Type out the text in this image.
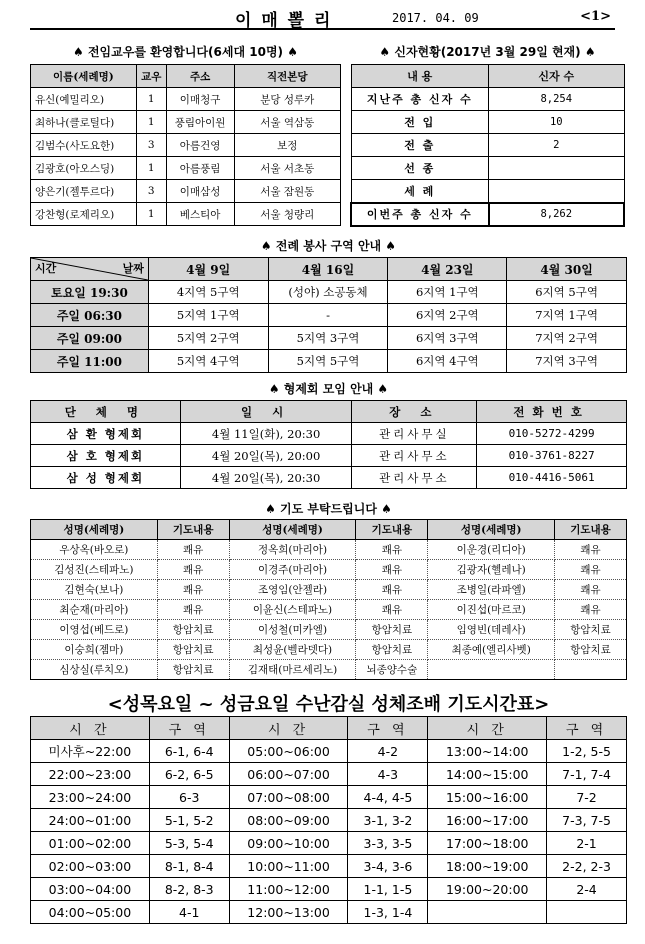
이 매 뽈 리	2017. 04. 09	<1>
♠ 전임교우를 환영합니다(6세대 10명) ♠
이름(세례명)	교우	주소	직전본당
유신(예밀리오)	1	이매청구	분당 성루카
최하나(클로틸다)	1	풍림아이원	서울 역삼동
김범수(사도요한)	3	아름건영	보정
김광호(아오스딩)	1	아름풍림	서울 서초동
양은기(젤투르다)	3	이매삼성	서울 잠원동
강찬형(로제리오)	1	베스티아	서울 청량리
♠ 신자현황(2017년 3월 29일 현재) ♠
내 용	신자 수
지난주 총 신자 수	8,254
전 입	10
전 출	2
선 종	
세 례	
이번주 총 신자 수	8,262
♠ 전례 봉사 구역 안내 ♠
시간 날짜	4월 9일	4월 16일	4월 23일	4월 30일
토요일 19:30	4지역 5구역	(성야) 소공동체	6지역 1구역	6지역 5구역
주일 06:30	5지역 1구역	-	6지역 2구역	7지역 1구역
주일 09:00	5지역 2구역	5지역 3구역	6지역 3구역	7지역 2구역
주일 11:00	5지역 4구역	5지역 5구역	6지역 4구역	7지역 3구역
♠ 형제회 모임 안내 ♠
단 체 명	일 시	장 소	전화번호
삼 환 형제회	4월 11일(화), 20:30	관리사무실	010-5272-4299
삼 호 형제회	4월 20일(목), 20:00	관리사무소	010-3761-8227
삼 성 형제회	4월 20일(목), 20:30	관리사무소	010-4416-5061
♠ 기도 부탁드립니다 ♠
성명(세례명)	기도내용	성명(세례명)	기도내용	성명(세례명)	기도내용
우상옥(바오로)	쾌유	정옥희(마리아)	쾌유	이운경(리디아)	쾌유
김성진(스테파노)	쾌유	이경주(마리아)	쾌유	김광자(헬레나)	쾌유
김현숙(보나)	쾌유	조영임(안젤라)	쾌유	조병일(라파엘)	쾌유
최순재(마리아)	쾌유	이윤신(스테파노)	쾌유	이진섭(마르코)	쾌유
이영섭(베드로)	항암치료	이성철(미카엘)	항암치료	임영빈(데레사)	항암치료
이숭희(젬마)	항암치료	최성윤(벨라뎃다)	항암치료	최종예(엘리사벳)	항암치료
심상실(루치오)	항암치료	김재태(마르세리노)	뇌종양수술		
<성목요일 ~ 성금요일 수난감실 성체조배 기도시간표>
시 간	구 역	시 간	구 역	시 간	구 역
미사후~22:00	6-1, 6-4	05:00~06:00	4-2	13:00~14:00	1-2, 5-5
22:00~23:00	6-2, 6-5	06:00~07:00	4-3	14:00~15:00	7-1, 7-4
23:00~24:00	6-3	07:00~08:00	4-4, 4-5	15:00~16:00	7-2
24:00~01:00	5-1, 5-2	08:00~09:00	3-1, 3-2	16:00~17:00	7-3, 7-5
01:00~02:00	5-3, 5-4	09:00~10:00	3-3, 3-5	17:00~18:00	2-1
02:00~03:00	8-1, 8-4	10:00~11:00	3-4, 3-6	18:00~19:00	2-2, 2-3
03:00~04:00	8-2, 8-3	11:00~12:00	1-1, 1-5	19:00~20:00	2-4
04:00~05:00	4-1	12:00~13:00	1-3, 1-4		
